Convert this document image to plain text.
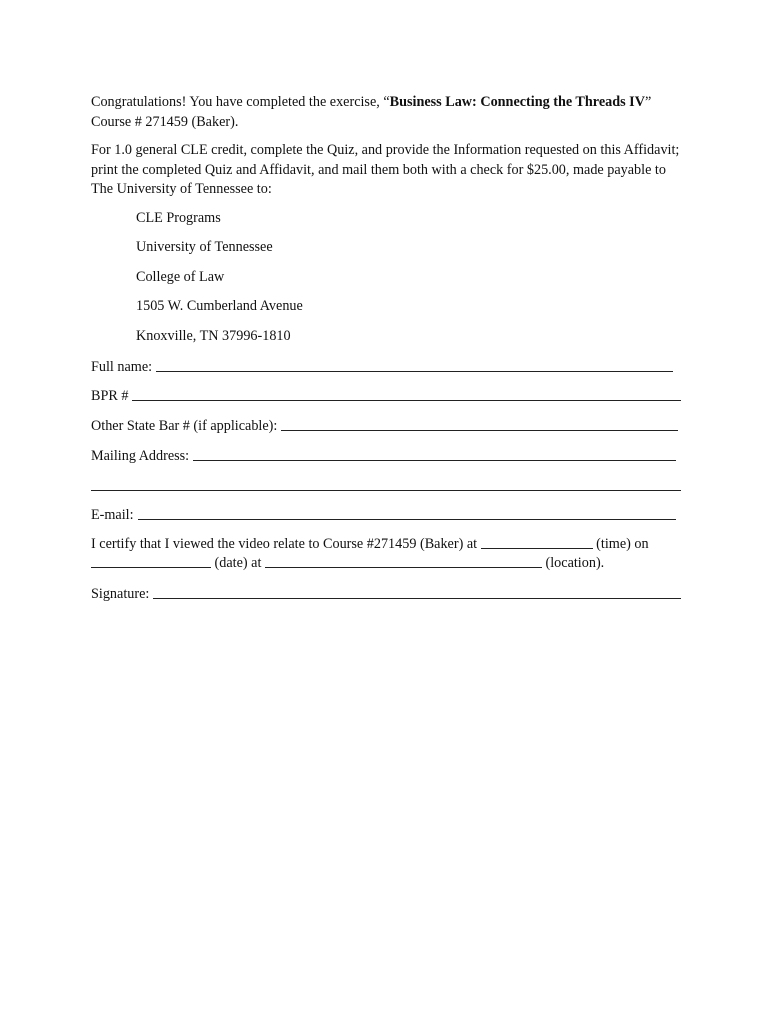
Congratulations! You have completed the exercise, “Business Law: Connecting the Threads IV” Course # 271459 (Baker).

For 1.0 general CLE credit, complete the Quiz, and provide the Information requested on this Affidavit; print the completed Quiz and Affidavit, and mail them both with a check for $25.00, made payable to The University of Tennessee to:

CLE Programs

University of Tennessee

College of Law

1505 W. Cumberland Avenue

Knoxville, TN 37996-1810

Full name:
BPR #
Other State Bar # (if applicable):
Mailing Address:
E-mail:

I certify that I viewed the video relate to Course #271459 (Baker) at	(time) on
(date) at	(location).

Signature:
